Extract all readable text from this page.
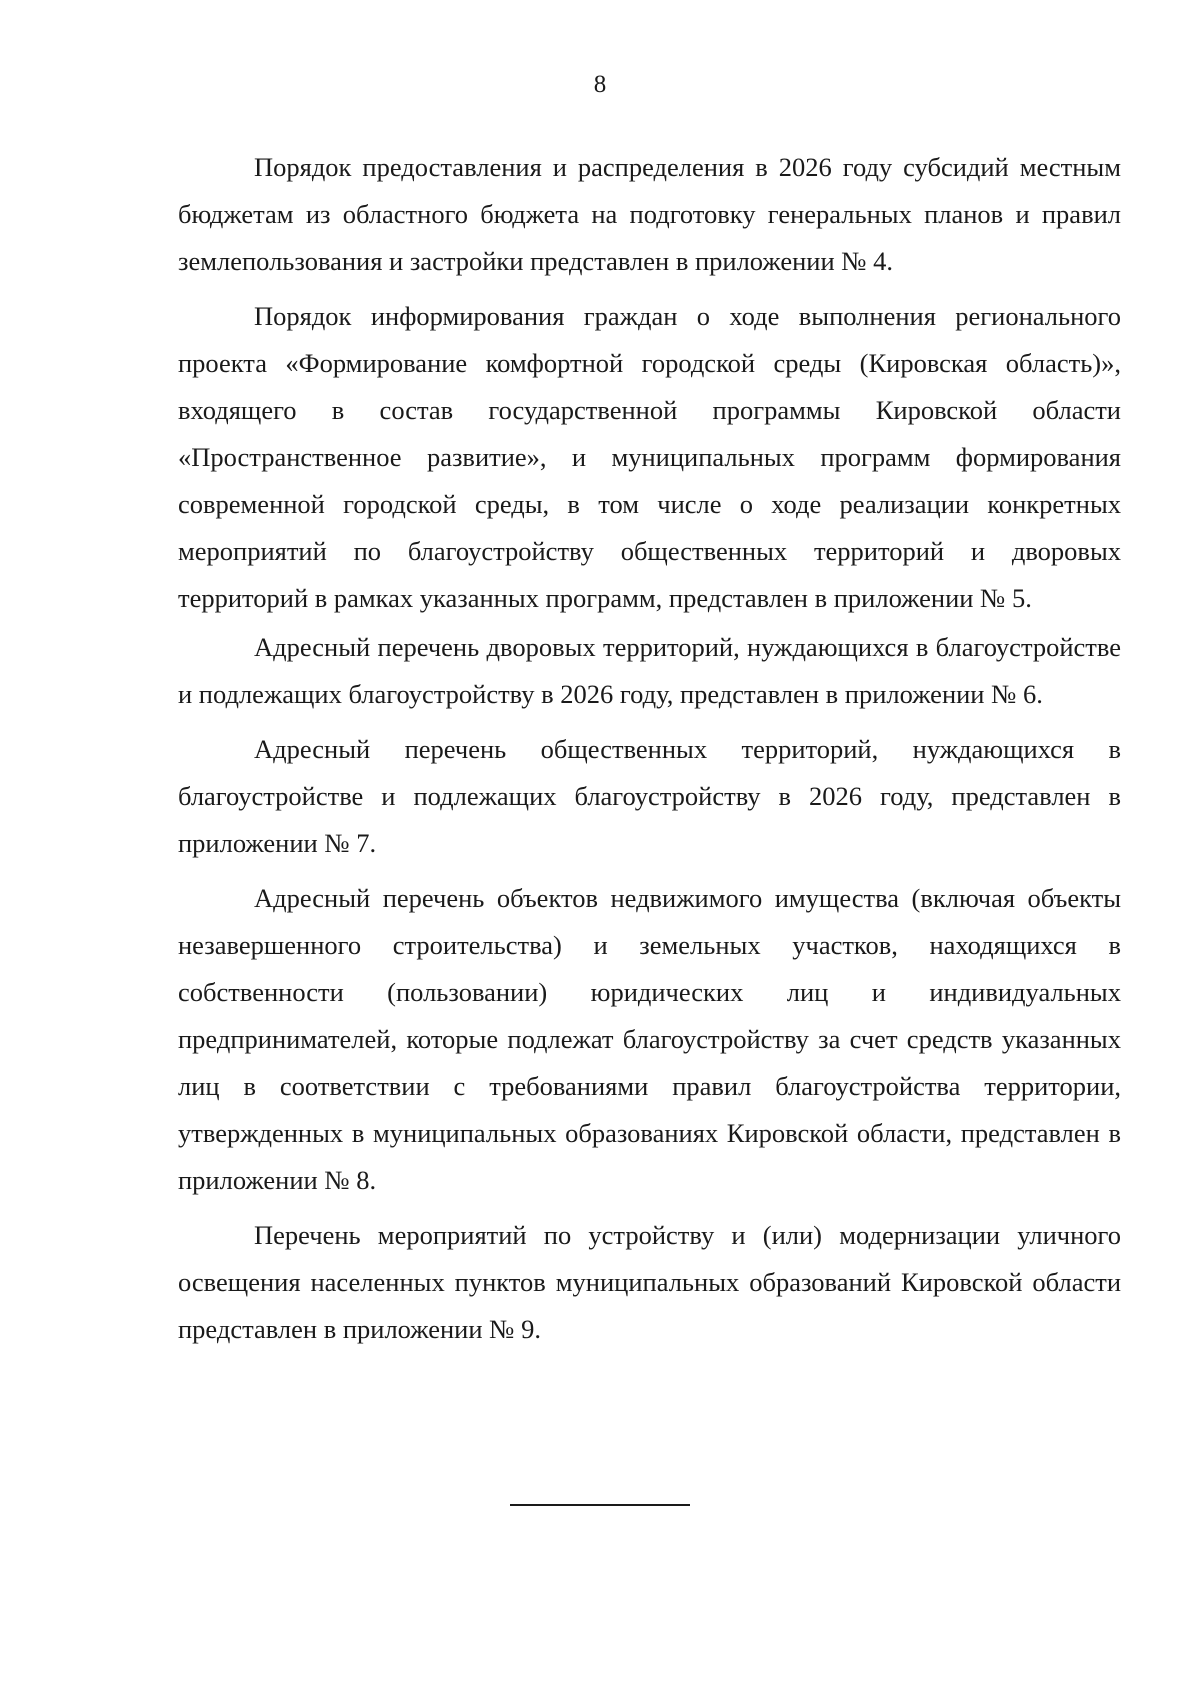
8

Порядок предоставления и распределения в 2026 году субсидий местным бюджетам из областного бюджета на подготовку генеральных планов и правил землепользования и застройки представлен в приложении № 4.

Порядок информирования граждан о ходе выполнения регионального проекта «Формирование комфортной городской среды (Кировская область)», входящего в состав государственной программы Кировской области «Пространственное развитие», и муниципальных программ формирования современной городской среды, в том числе о ходе реализации конкретных мероприятий по благоустройству общественных территорий и дворовых территорий в рамках указанных программ, представлен в приложении № 5.

Адресный перечень дворовых территорий, нуждающихся в благоустройстве и подлежащих благоустройству в 2026 году, представлен в приложении № 6.

Адресный перечень общественных территорий, нуждающихся в благоустройстве и подлежащих благоустройству в 2026 году, представлен в приложении № 7.

Адресный перечень объектов недвижимого имущества (включая объекты незавершенного строительства) и земельных участков, находящихся в собственности (пользовании) юридических лиц и индивидуальных предпринимателей, которые подлежат благоустройству за счет средств указанных лиц в соответствии с требованиями правил благоустройства территории, утвержденных в муниципальных образованиях Кировской области, представлен в приложении № 8.

Перечень мероприятий по устройству и (или) модернизации уличного освещения населенных пунктов муниципальных образований Кировской области представлен в приложении № 9.
